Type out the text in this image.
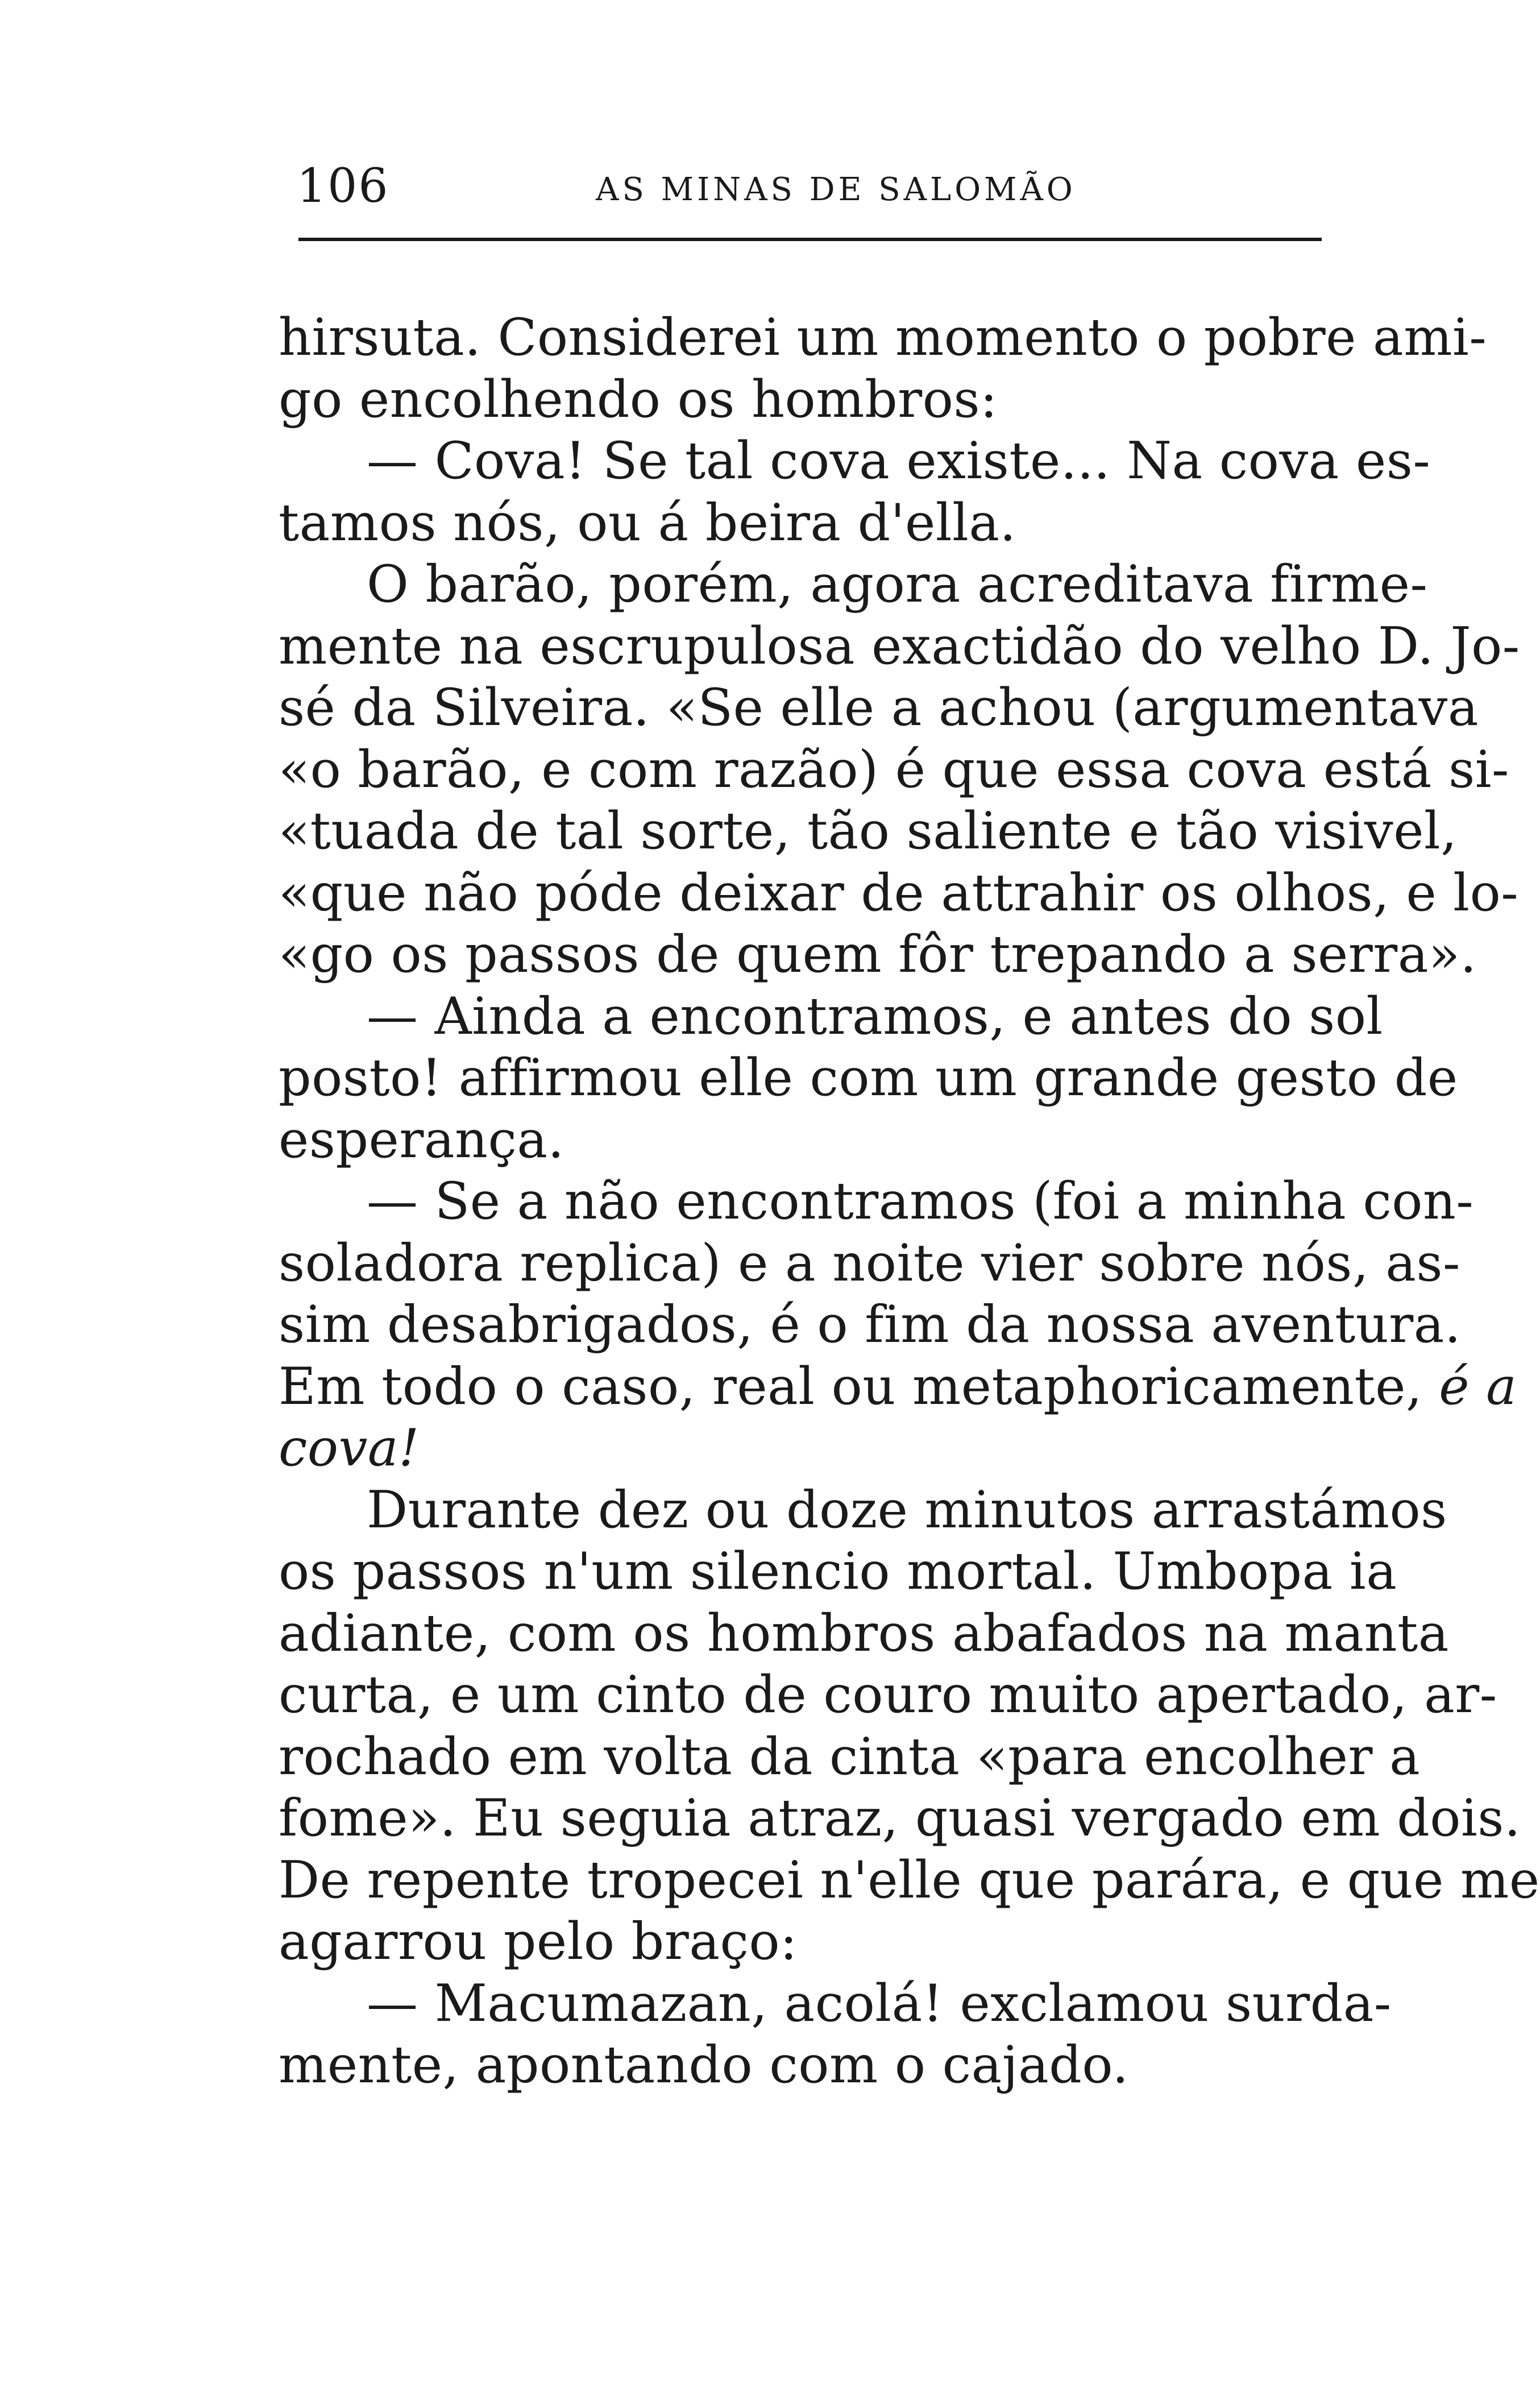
106	AS MINAS DE SALOMÃO
hirsuta. Considerei um momento o pobre ami-
go encolhendo os hombros:
— Cova! Se tal cova existe... Na cova es-
tamos nós, ou á beira d'ella.
O barão, porém, agora acreditava firme-
mente na escrupulosa exactidão do velho D. Jo-
sé da Silveira. «Se elle a achou (argumentava
«o barão, e com razão) é que essa cova está si-
«tuada de tal sorte, tão saliente e tão visivel,
«que não póde deixar de attrahir os olhos, e lo-
«go os passos de quem fôr trepando a serra».
— Ainda a encontramos, e antes do sol
posto! affirmou elle com um grande gesto de
esperança.
— Se a não encontramos (foi a minha con-
soladora replica) e a noite vier sobre nós, as-
sim desabrigados, é o fim da nossa aventura.
Em todo o caso, real ou metaphoricamente, é a
cova!
Durante dez ou doze minutos arrastámos
os passos n'um silencio mortal. Umbopa ia
adiante, com os hombros abafados na manta
curta, e um cinto de couro muito apertado, ar-
rochado em volta da cinta «para encolher a
fome». Eu seguia atraz, quasi vergado em dois.
De repente tropecei n'elle que parára, e que me
agarrou pelo braço:
— Macumazan, acolá! exclamou surda-
mente, apontando com o cajado.
